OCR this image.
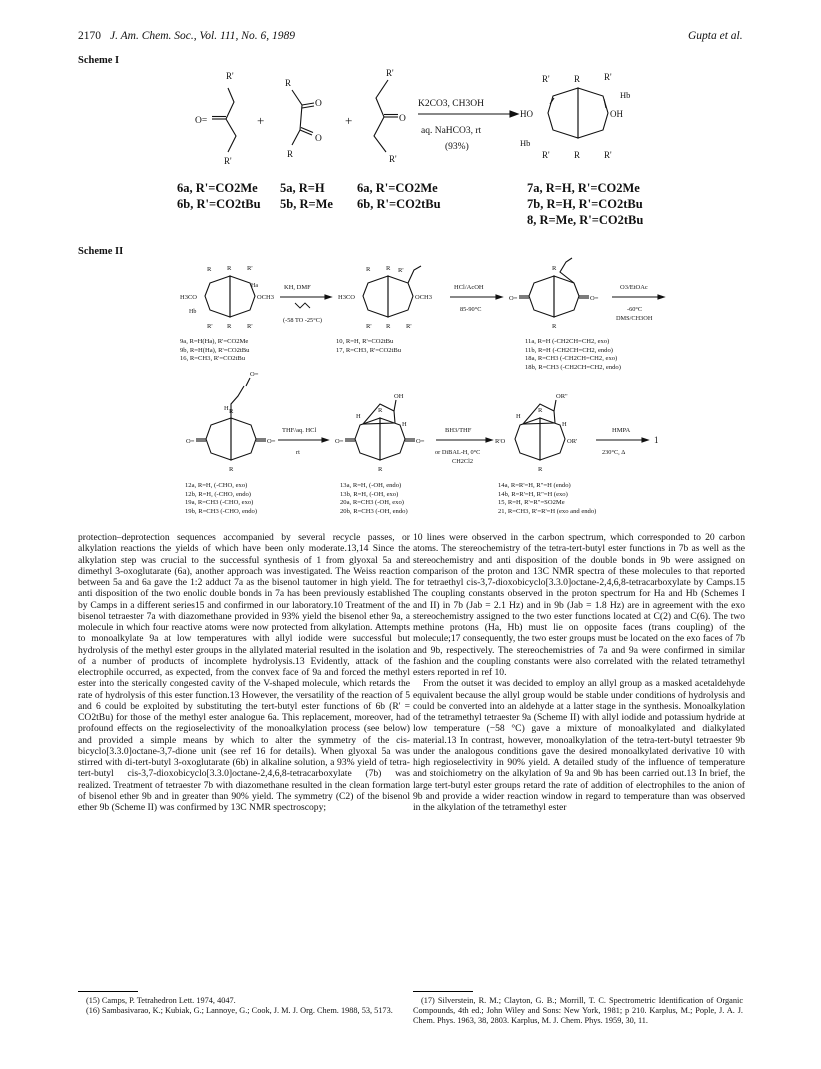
2170 J. Am. Chem. Soc., Vol. 111, No. 6, 1989	Gupta et al.
Scheme I
R'
O=
R'
+
R
O
O
R
+
R'
O
R'
K2CO3, CH3OH
aq. NaHCO3, rt
(93%)
R'	R	R'
Hb
HO	OH
Hb
R'	R	R'
6a, R'=CO2Me
6b, R'=CO2tBu
5a, R=H
5b, R=Me
6a, R'=CO2Me
6b, R'=CO2tBu
7a, R=H, R'=CO2Me
7b, R=H, R'=CO2tBu
8, R=Me, R'=CO2tBu
Scheme II
H3CO	OCH3
R R R'
Ha
Hb
R' R R'
KH, DMF
(-58 TO -25°C)
H3CO	OCH3
R R R'
R' R R'
HCl/AcOH
85-90°C
O=	O=
R
R
O3/EtOAc
-60°C
DMS/CH3OH
H
O=
O=	O=
R
R
THF/aq. HCl
rt
OH
H
H
O=	O=
R
R
BH3/THF
or DiBAL-H, 0°C
CH2Cl2
OR"
H
H
R'O	OR'
R
R
HMPA
230°C, Δ
1
9a, R=H(Ha), R'=CO2Me
9b, R=H(Ha), R'=CO2tBu
16, R=CH3, R'=CO2tBu
10, R=H, R'=CO2tBu
17, R=CH3, R'=CO2tBu
11a, R=H (-CH2CH=CH2, exo)
11b, R=H (-CH2CH=CH2, endo)
18a, R=CH3 (-CH2CH=CH2, exo)
18b, R=CH3 (-CH2CH=CH2, endo)
12a, R=H, (-CHO, exo)
12b, R=H, (-CHO, endo)
19a, R=CH3 (-CHO, exo)
19b, R=CH3 (-CHO, endo)
13a, R=H, (-OH, endo)
13b, R=H, (-OH, exo)
20a, R=CH3 (-OH, exo)
20b, R=CH3 (-OH, endo)
14a, R=R'=H, R"=H (endo)
14b, R=R'=H, R"=H (exo)
15, R=H, R'=R"=SO2Me
21, R=CH3, R'=R'=H (exo and endo)

protection–deprotection sequences accompanied by several recycle passes, or alkylation reactions the yields of which have been only moderate.13,14 Since the alkylation step was crucial to the successful synthesis of 1 from glyoxal 5a and dimethyl 3-oxoglutarate (6a), another approach was investigated. The Weiss reaction between 5a and 6a gave the 1:2 adduct 7a as the bisenol tautomer in high yield. The anti disposition of the two enolic double bonds in 7a has been previously established by Camps in a different series15 and confirmed in our laboratory.10 Treatment of the bisenol tetraester 7a with diazomethane provided in 93% yield the bisenol ether 9a, a molecule in which four reactive atoms were now protected from alkylation. Attempts to monoalkylate 9a at low temperatures with allyl iodide were successful but hydrolysis of the methyl ester groups in the allylated material resulted in the isolation of a number of products of incomplete hydrolysis.13 Evidently, attack of the electrophile occurred, as expected, from the convex face of 9a and forced the methyl ester into the sterically congested cavity of the V-shaped molecule, which retards the rate of hydrolysis of this ester function.13 However, the versatility of the reaction of 5 and 6 could be exploited by substituting the tert-butyl ester functions of 6b (R' = CO2tBu) for those of the methyl ester analogue 6a. This replacement, moreover, had profound effects on the regioselectivity of the monoalkylation process (see below) and provided a simple means by which to alter the symmetry of the cis-bicyclo[3.3.0]octane-3,7-dione unit (see ref 16 for details). When glyoxal 5a was stirred with di-tert-butyl 3-oxoglutarate (6b) in alkaline solution, a 93% yield of tetra-tert-butyl cis-3,7-dioxobicyclo[3.3.0]octane-2,4,6,8-tetracarboxylate (7b) was realized. Treatment of tetraester 7b with diazomethane resulted in the clean formation of bisenol ether 9b and in greater than 90% yield. The symmetry (C2) of the bisenol ether 9b (Scheme II) was confirmed by 13C NMR spectroscopy;

10 lines were observed in the carbon spectrum, which corresponded to 20 carbon atoms. The stereochemistry of the tetra-tert-butyl ester functions in 7b as well as the stereochemistry and anti disposition of the double bonds in 9b were assigned on comparison of the proton and 13C NMR spectra of these molecules to that reported for tetraethyl cis-3,7-dioxobicyclo[3.3.0]octane-2,4,6,8-tetracarboxylate by Camps.15 The coupling constants observed in the proton spectrum for Ha and Hb (Schemes I and II) in 7b (Jab = 2.1 Hz) and in 9b (Jab = 1.8 Hz) are in agreement with the exo stereochemistry assigned to the two ester functions located at C(2) and C(6). The two methine protons (Ha, Hb) must lie on opposite faces (trans coupling) of the molecule;17 consequently, the two ester groups must be located on the exo faces of 7b and 9b, respectively. The stereochemistries of 7a and 9a were confirmed in similar fashion and the coupling constants were also correlated with the related tetramethyl esters reported in ref 10.

From the outset it was decided to employ an allyl group as a masked acetaldehyde equivalent because the allyl group would be stable under conditions of hydrolysis and could be converted into an aldehyde at a latter stage in the synthesis. Monoalkylation of the tetramethyl tetraester 9a (Scheme II) with allyl iodide and potassium hydride at low temperature (−58 °C) gave a mixture of monoalkylated and dialkylated material.13 In contrast, however, monoalkylation of the tetra-tert-butyl tetraester 9b under the analogous conditions gave the desired monoalkylated derivative 10 with high regioselectivity in 90% yield. A detailed study of the influence of temperature and stoichiometry on the alkylation of 9a and 9b has been carried out.13 In brief, the large tert-butyl ester groups retard the rate of addition of electrophiles to the anion of 9b and provide a wider reaction window in regard to temperature than was observed in the alkylation of the tetramethyl ester

(15) Camps, P. Tetrahedron Lett. 1974, 4047.

(16) Sambasivarao, K.; Kubiak, G.; Lannoye, G.; Cook, J. M. J. Org. Chem. 1988, 53, 5173.

(17) Silverstein, R. M.; Clayton, G. B.; Morrill, T. C. Spectrometric Identification of Organic Compounds, 4th ed.; John Wiley and Sons: New York, 1981; p 210. Karplus, M.; Pople, J. A. J. Chem. Phys. 1963, 38, 2803. Karplus, M. J. Chem. Phys. 1959, 30, 11.
